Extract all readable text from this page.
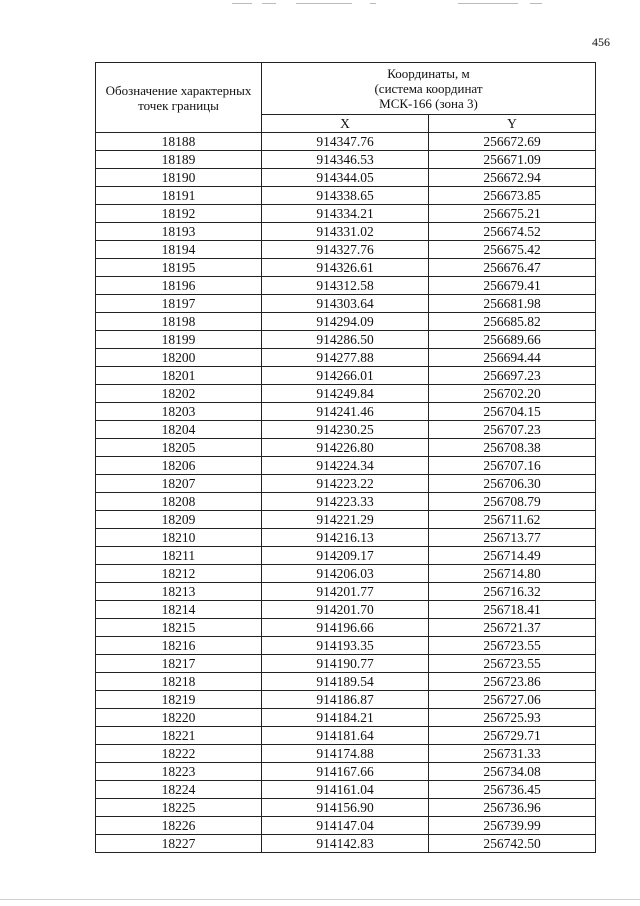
456
Обозначение характерных точек границы	Координаты, м
(система координат
МСК-166 (зона 3)	

	X	Y
18188	914347.76	256672.69
18189	914346.53	256671.09
18190	914344.05	256672.94
18191	914338.65	256673.85
18192	914334.21	256675.21
18193	914331.02	256674.52
18194	914327.76	256675.42
18195	914326.61	256676.47
18196	914312.58	256679.41
18197	914303.64	256681.98
18198	914294.09	256685.82
18199	914286.50	256689.66
18200	914277.88	256694.44
18201	914266.01	256697.23
18202	914249.84	256702.20
18203	914241.46	256704.15
18204	914230.25	256707.23
18205	914226.80	256708.38
18206	914224.34	256707.16
18207	914223.22	256706.30
18208	914223.33	256708.79
18209	914221.29	256711.62
18210	914216.13	256713.77
18211	914209.17	256714.49
18212	914206.03	256714.80
18213	914201.77	256716.32
18214	914201.70	256718.41
18215	914196.66	256721.37
18216	914193.35	256723.55
18217	914190.77	256723.55
18218	914189.54	256723.86
18219	914186.87	256727.06
18220	914184.21	256725.93
18221	914181.64	256729.71
18222	914174.88	256731.33
18223	914167.66	256734.08
18224	914161.04	256736.45
18225	914156.90	256736.96
18226	914147.04	256739.99
18227	914142.83	256742.50
